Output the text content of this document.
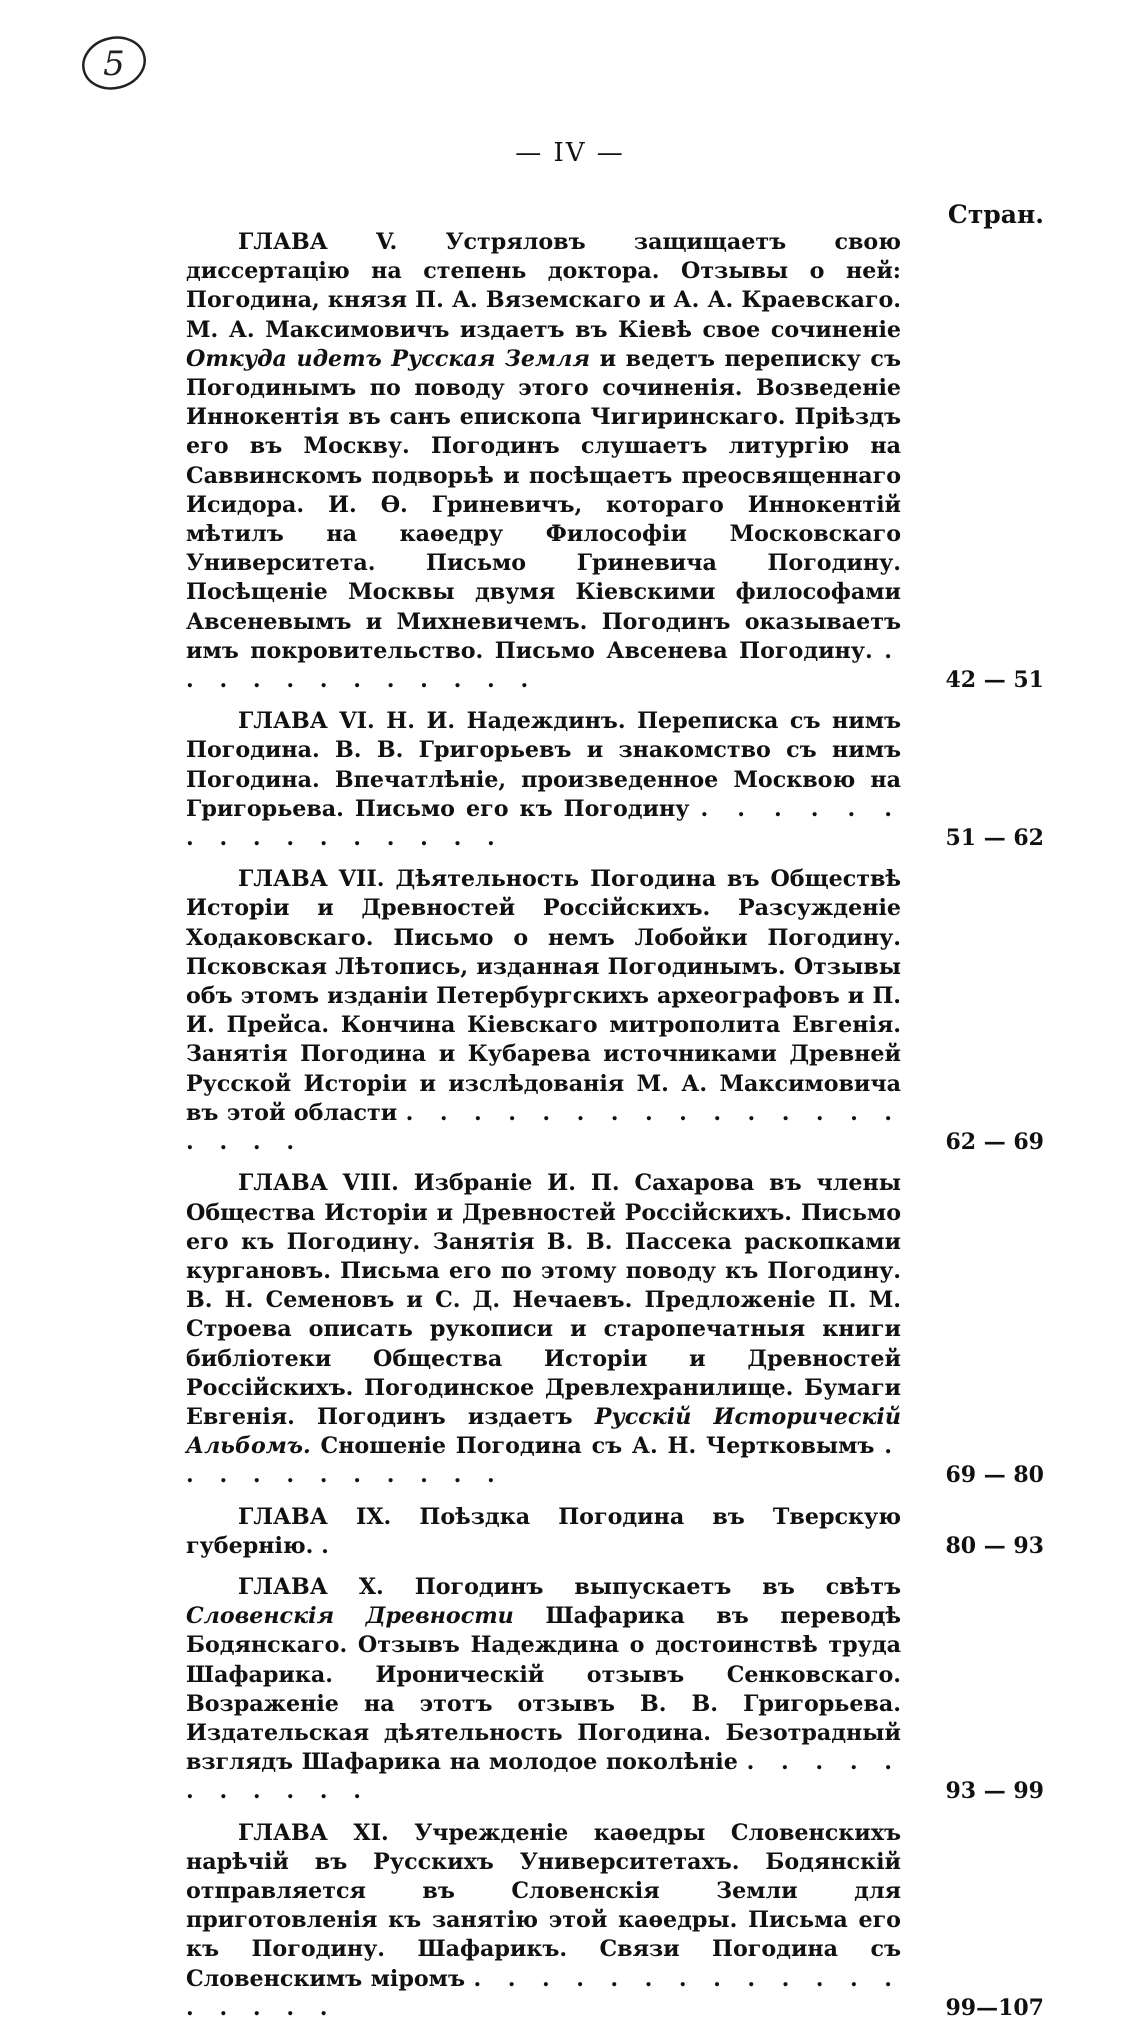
5
— IV —
Стран.
ГЛАВА V. Устряловъ защищаетъ свою диссертацію на степень доктора. Отзывы о ней: Погодина, князя П. А. Вяземскаго и А. А. Краевскаго. М. А. Максимовичъ издаетъ въ Кіевѣ свое сочиненіе Откуда идетъ Русская Земля и ведетъ переписку съ Погодинымъ по поводу этого сочиненія. Возведеніе Иннокентія въ санъ епископа Чигиринскаго. Пріѣздъ его въ Москву. Погодинъ слушаетъ литургію на Саввинскомъ подворьѣ и посѣщаетъ преосвященнаго Исидора. И. Ѳ. Гриневичъ, котораго Иннокентій мѣтилъ на каѳедру Философіи Московскаго Университета. Письмо Гриневича Погодину. Посѣщеніе Москвы двумя Кіевскими философами Авсеневымъ и Михневичемъ. Погодинъ оказываетъ имъ покровительство. Письмо Авсенева Погодину. . . . . . . . . . . . .	42 — 51
ГЛАВА VI. Н. И. Надеждинъ. Переписка съ нимъ Погодина. В. В. Григорьевъ и знакомство съ нимъ Погодина. Впечатлѣніе, произведенное Москвою на Григорьева. Письмо его къ Погодину . . . . . . . . . . . . . . . .	51 — 62
ГЛАВА VII. Дѣятельность Погодина въ Обществѣ Исторіи и Древностей Россійскихъ. Разсужденіе Ходаковскаго. Письмо о немъ Лобойки Погодину. Псковская Лѣтопись, изданная Погодинымъ. Отзывы объ этомъ изданіи Петербургскихъ археографовъ и П. И. Прейса. Кончина Кіевскаго митрополита Евгенія. Занятія Погодина и Кубарева источниками Древней Русской Исторіи и изслѣдованія М. А. Максимовича въ этой области . . . . . . . . . . . . . . . . . . .	62 — 69
ГЛАВА VIII. Избраніе И. П. Сахарова въ члены Общества Исторіи и Древностей Россійскихъ. Письмо его къ Погодину. Занятія В. В. Пассека раскопками кургановъ. Письма его по этому поводу къ Погодину. В. Н. Семеновъ и С. Д. Нечаевъ. Предложеніе П. М. Строева описать рукописи и старопечатныя книги библіотеки Общества Исторіи и Древностей Россійскихъ. Погодинское Древлехранилище. Бумаги Евгенія. Погодинъ издаетъ Русскій Историческій Альбомъ. Сношеніе Погодина съ А. Н. Чертковымъ . . . . . . . . . . .	69 — 80
ГЛАВА IX. Поѣздка Погодина въ Тверскую губернію. .	80 — 93
ГЛАВА X. Погодинъ выпускаетъ въ свѣтъ Словенскія Древности Шафарика въ переводѣ Бодянскаго. Отзывъ Надеждина о достоинствѣ труда Шафарика. Ироническій отзывъ Сенковскаго. Возраженіе на этотъ отзывъ В. В. Григорьева. Издательская дѣятельность Погодина. Безотрадный взглядъ Шафарика на молодое поколѣніе . . . . . . . . . . .	93 — 99
ГЛАВА XI. Учрежденіе каѳедры Словенскихъ нарѣчій въ Русскихъ Университетахъ. Бодянскій отправляется въ Словенскія Земли для приготовленія къ занятію этой каѳедры. Письма его къ Погодину. Шафарикъ. Связи Погодина съ Словенскимъ міромъ . . . . . . . . . . . . . . . . . .	99—107
